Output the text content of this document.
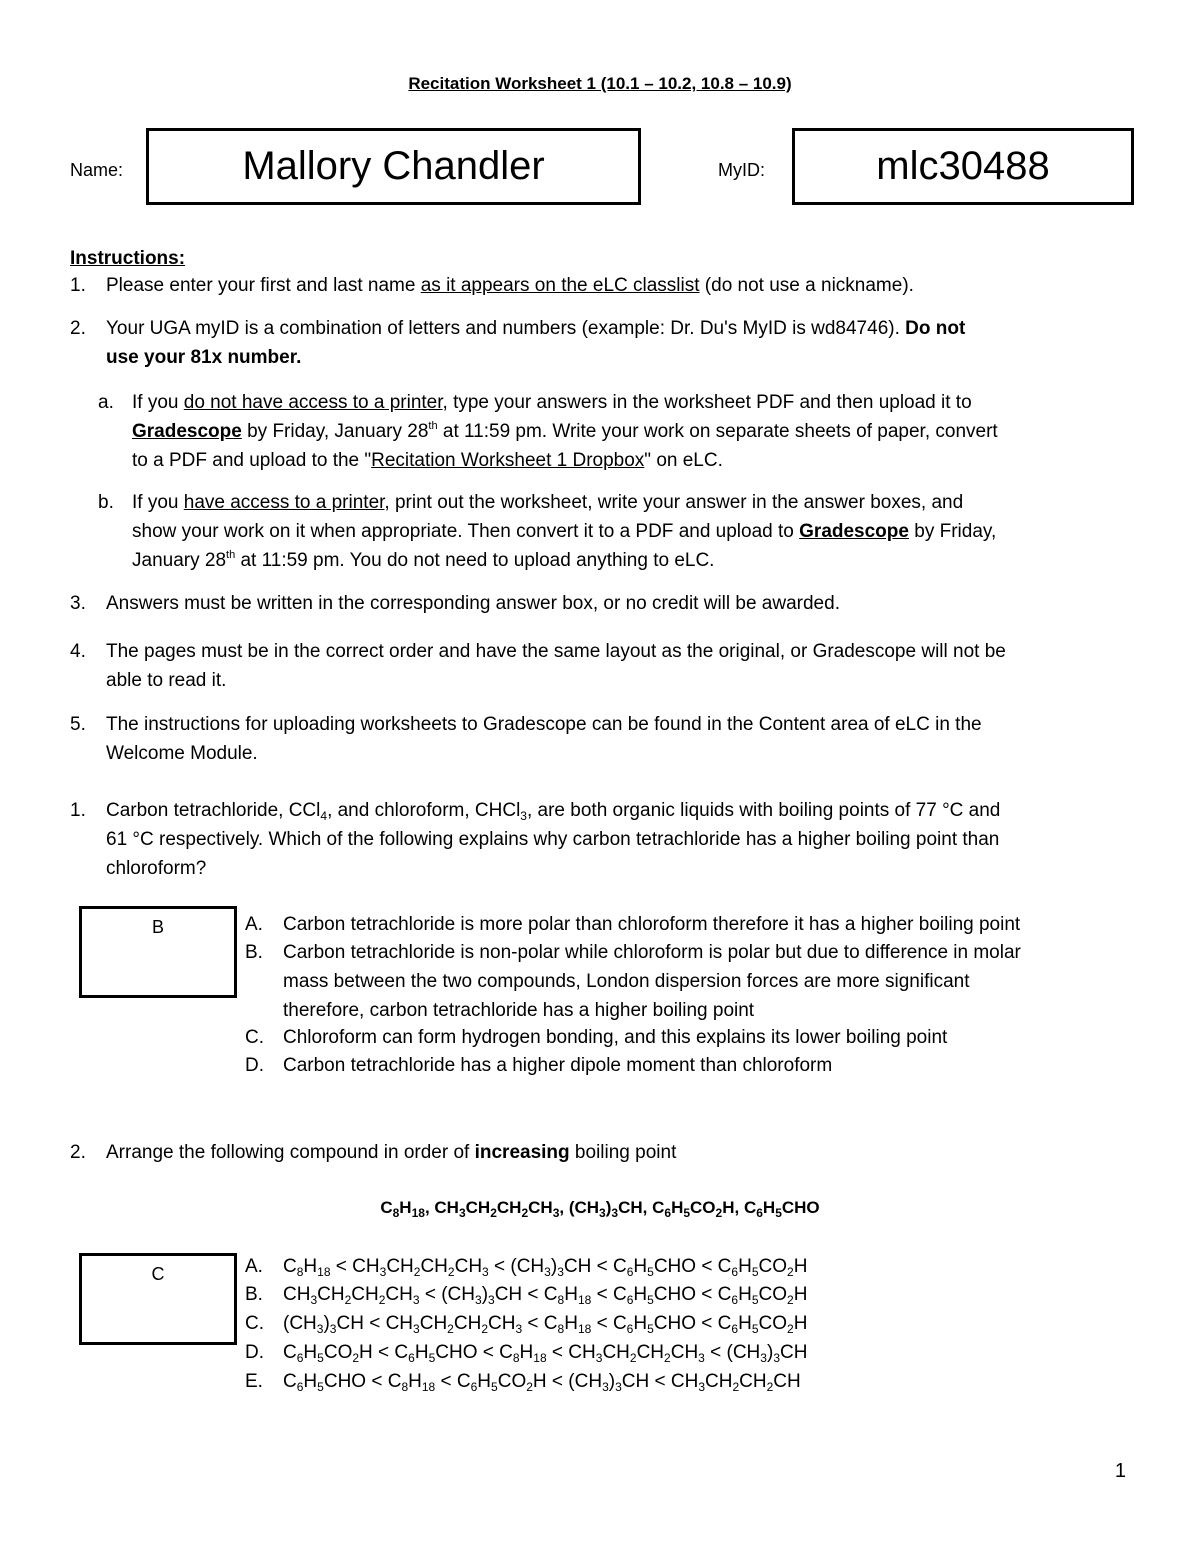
Recitation Worksheet 1 (10.1 – 10.2, 10.8 – 10.9)
Name:	Mallory Chandler	MyID:	mlc30488
Instructions:
1.	Please enter your first and last name as it appears on the eLC classlist (do not use a nickname).
2.	Your UGA myID is a combination of letters and numbers (example: Dr. Du's MyID is wd84746). Do not
use your 81x number.
a. If you do not have access to a printer, type your answers in the worksheet PDF and then upload it to
Gradescope by Friday, January 28th at 11:59 pm. Write your work on separate sheets of paper, convert
to a PDF and upload to the "Recitation Worksheet 1 Dropbox" on eLC.
b. If you have access to a printer, print out the worksheet, write your answer in the answer boxes, and
show your work on it when appropriate. Then convert it to a PDF and upload to Gradescope by Friday,
January 28th at 11:59 pm. You do not need to upload anything to eLC.
3.	Answers must be written in the corresponding answer box, or no credit will be awarded.
4.	The pages must be in the correct order and have the same layout as the original, or Gradescope will not be
able to read it.
5.	The instructions for uploading worksheets to Gradescope can be found in the Content area of eLC in the
Welcome Module.
1.	Carbon tetrachloride, CCl$_4$, and chloroform, CHCl$_3$, are both organic liquids with boiling points of 77 °C and
61 °C respectively. Which of the following explains why carbon tetrachloride has a higher boiling point than
chloroform?
B	A.	Carbon tetrachloride is more polar than chloroform therefore it has a higher boiling point
B.	Carbon tetrachloride is non-polar while chloroform is polar but due to difference in molar
mass between the two compounds, London dispersion forces are more significant
therefore, carbon tetrachloride has a higher boiling point
C.	Chloroform can form hydrogen bonding, and this explains its lower boiling point
D.	Carbon tetrachloride has a higher dipole moment than chloroform
2.	Arrange the following compound in order of increasing boiling point
$C_8H_{18}$, $CH_3CH_2CH_2CH_3$, $(CH_3)_3CH$, $C_6H_5CO_2H$, $C_6H_5CHO$
C	A.	$C_8H_{18} < CH_3CH_2CH_2CH_3 < (CH_3)_3CH < C_6H_5CHO < C_6H_5CO_2H$
B.	$CH_3CH_2CH_2CH_3 < (CH_3)_3CH < C_8H_{18} < C_6H_5CHO < C_6H_5CO_2H$
C.	$(CH_3)_3CH < CH_3CH_2CH_2CH_3 < C_8H_{18} < C_6H_5CHO < C_6H_5CO_2H$
D.	$C_6H_5CO_2H < C_6H_5CHO < C_8H_{18} < CH_3CH_2CH_2CH_3 < (CH_3)_3CH$
E.	$C_6H_5CHO < C_8H_{18} < C_6H_5CO_2H < (CH_3)_3CH < CH_3CH_2CH_2CH$
1
